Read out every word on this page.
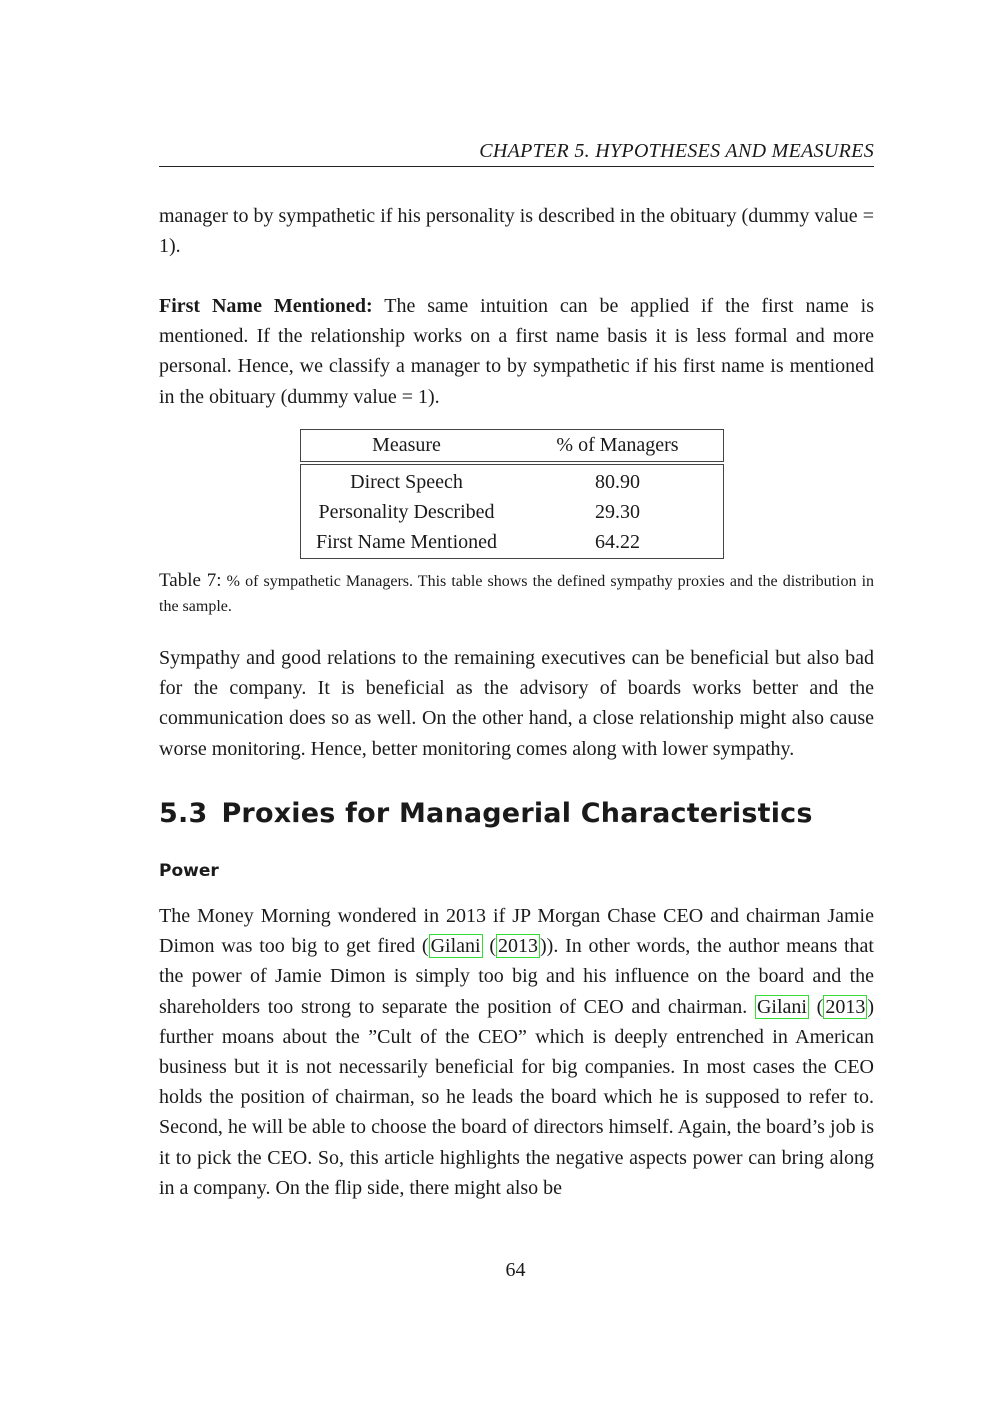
CHAPTER 5. HYPOTHESES AND MEASURES

manager to by sympathetic if his personality is described in the obituary (dummy value = 1).

First Name Mentioned: The same intuition can be applied if the first name is mentioned. If the relationship works on a first name basis it is less formal and more personal. Hence, we classify a manager to by sympathetic if his first name is mentioned in the obituary (dummy value = 1).

Measure	% of Managers
Direct Speech	80.90
Personality Described	29.30
First Name Mentioned	64.22
Table 7: % of sympathetic Managers. This table shows the defined sympathy proxies and the distribution in the sample.

Sympathy and good relations to the remaining executives can be beneficial but also bad for the company. It is beneficial as the advisory of boards works better and the communication does so as well. On the other hand, a close relationship might also cause worse monitoring. Hence, better monitoring comes along with lower sympathy.

5.3 Proxies for Managerial Characteristics
Power

The Money Morning wondered in 2013 if JP Morgan Chase CEO and chairman Jamie Dimon was too big to get fired ( Gilani ( 2013 )). In other words, the author means that the power of Jamie Dimon is simply too big and his influence on the board and the shareholders too strong to separate the position of CEO and chairman. Gilani ( 2013 ) further moans about the ”Cult of the CEO” which is deeply entrenched in American business but it is not necessarily beneficial for big companies. In most cases the CEO holds the position of chairman, so he leads the board which he is supposed to refer to. Second, he will be able to choose the board of directors himself. Again, the board’s job is it to pick the CEO. So, this article highlights the negative aspects power can bring along in a company. On the flip side, there might also be

64
